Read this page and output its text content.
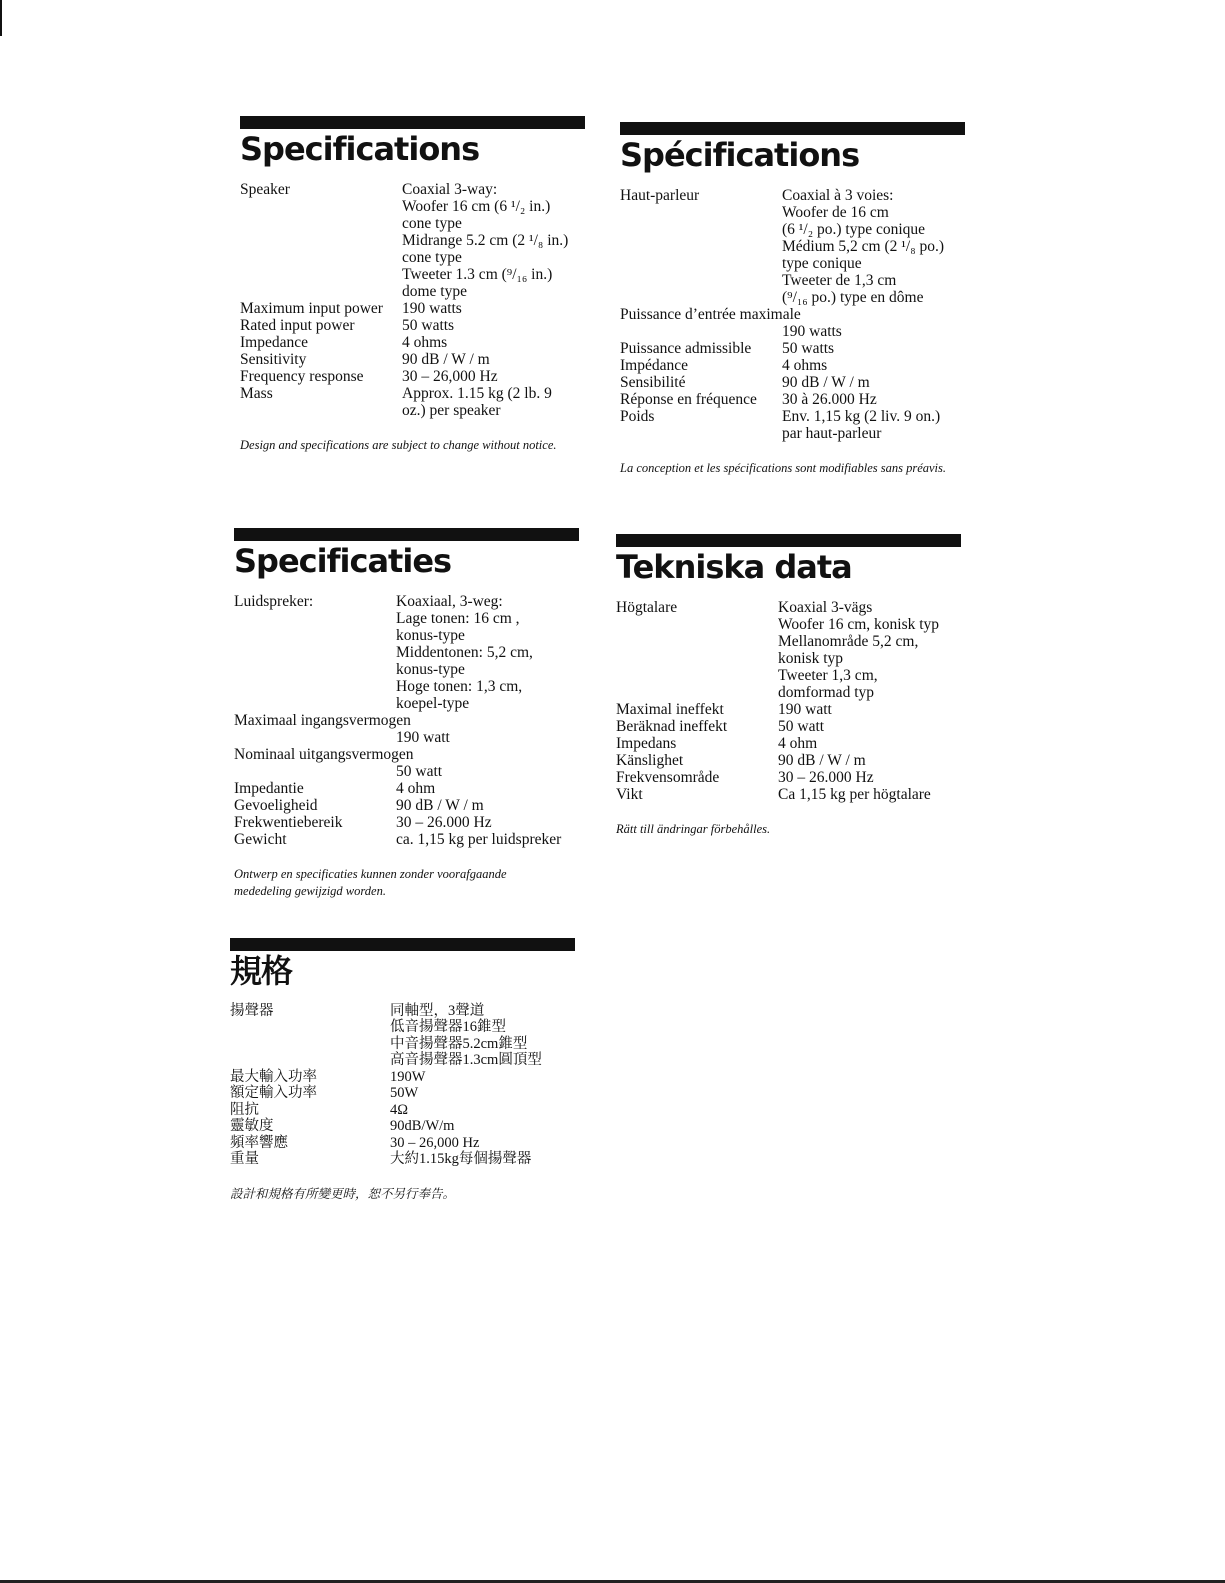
Specifications
Speaker	Coaxial 3-way:
Woofer 16 cm (6 ¹/₂ in.)
cone type
Midrange 5.2 cm (2 ¹/₈ in.)
cone type
Tweeter 1.3 cm (⁹/₁₆ in.)
dome type
Maximum input power	190 watts
Rated input power	50 watts
Impedance	4 ohms
Sensitivity	90 dB / W / m
Frequency response	30 – 26,000 Hz
Mass	Approx. 1.15 kg (2 lb. 9
oz.) per speaker
Design and specifications are subject to change without notice.
Spécifications
Haut-parleur	Coaxial à 3 voies:
Woofer de 16 cm
(6 ¹/₂ po.) type conique
Médium 5,2 cm (2 ¹/₈ po.)
type conique
Tweeter de 1,3 cm
(⁹/₁₆ po.) type en dôme
Puissance d’entrée maximale
190 watts
Puissance admissible	50 watts
Impédance	4 ohms
Sensibilité	90 dB / W / m
Réponse en fréquence	30 à 26.000 Hz
Poids	Env. 1,15 kg (2 liv. 9 on.)
par haut-parleur
La conception et les spécifications sont modifiables sans préavis.
Specificaties
Luidspreker:	Koaxiaal, 3-weg:
Lage tonen: 16 cm ,
konus-type
Middentonen: 5,2 cm,
konus-type
Hoge tonen: 1,3 cm,
koepel-type
Maximaal ingangsvermogen
190 watt
Nominaal uitgangsvermogen
50 watt
Impedantie	4 ohm
Gevoeligheid	90 dB / W / m
Frekwentiebereik	30 – 26.000 Hz
Gewicht	ca. 1,15 kg per luidspreker
Ontwerp en specificaties kunnen zonder voorafgaande mededeling gewijzigd worden.
Tekniska data
Högtalare	Koaxial 3-vägs
Woofer 16 cm, konisk typ
Mellanområde 5,2 cm,
konisk typ
Tweeter 1,3 cm,
domformad typ
Maximal ineffekt	190 watt
Beräknad ineffekt	50 watt
Impedans	4 ohm
Känslighet	90 dB / W / m
Frekvensområde	30 – 26.000 Hz
Vikt	Ca 1,15 kg per högtalare
Rätt till ändringar förbehålles.
規格
揚聲器	同軸型，3聲道
低音揚聲器16錐型
中音揚聲器5.2cm錐型
高音揚聲器1.3cm圓頂型
最大輸入功率	190W
額定輸入功率	50W
阻抗	4Ω
靈敏度	90dB/W/m
頻率響應	30 – 26,000 Hz
重量	大約1.15kg每個揚聲器
設計和規格有所變更時，恕不另行奉告。
